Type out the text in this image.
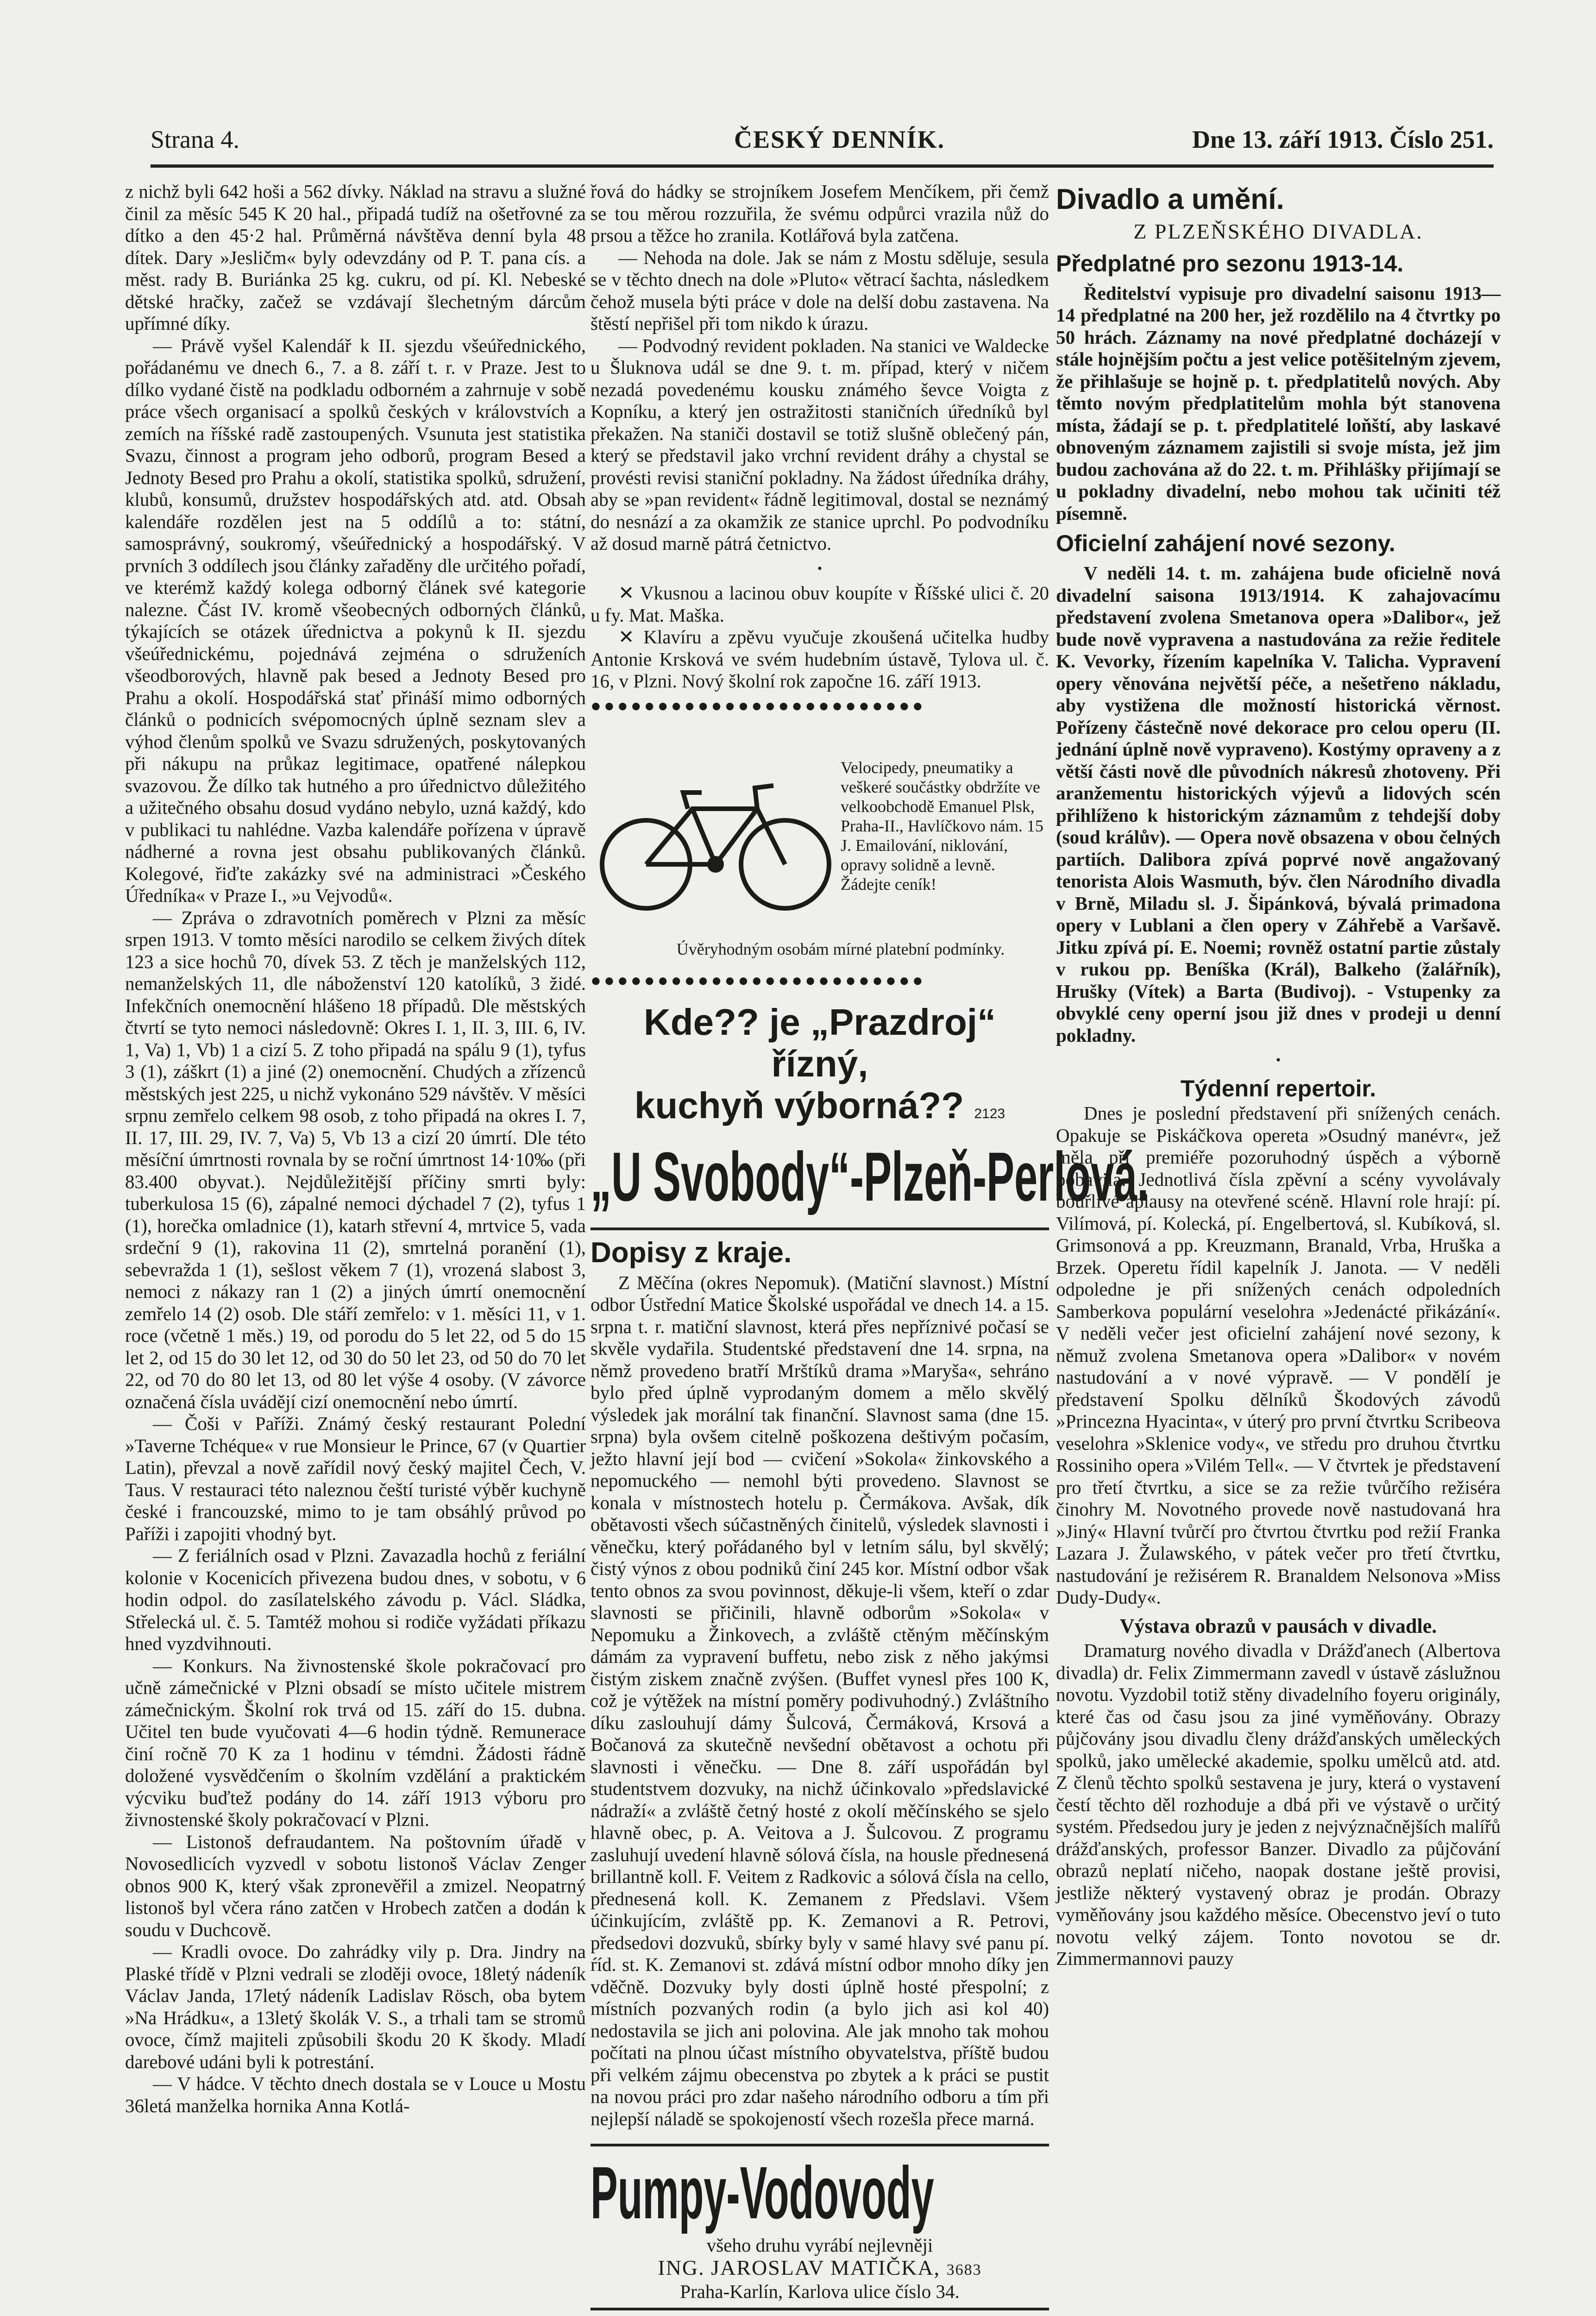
Strana 4.	ČESKÝ DENNÍK.	Dne 13. září 1913. Číslo 251.

z nichž byli 642 hoši a 562 dívky. Náklad na stravu a služné činil za měsíc 545 K 20 hal., připadá tudíž na ošetřovné za dítko a den 45·2 hal. Průměrná návštěva denní byla 48 dítek. Dary »Jesličm« byly odevzdány od P. T. pana cís. a měst. rady B. Buriánka 25 kg. cukru, od pí. Kl. Nebeské dětské hračky, začež se vzdávají šlechetným dárcům upřímné díky.

— Právě vyšel Kalendář k II. sjezdu všeúřednického, pořádanému ve dnech 6., 7. a 8. září t. r. v Praze. Jest to dílko vydané čistě na podkladu odborném a zahrnuje v sobě práce všech organisací a spolků českých v královstvích a zemích na říšské radě zastoupených. Vsunuta jest statistika Svazu, činnost a program jeho odborů, program Besed a Jednoty Besed pro Prahu a okolí, statistika spolků, sdružení, klubů, konsumů, družstev hospodářských atd. atd. Obsah kalendáře rozdělen jest na 5 oddílů a to: státní, samosprávný, soukromý, všeúřednický a hospodářský. V prvních 3 oddílech jsou články zařaděny dle určitého pořadí, ve kterémž každý kolega odborný článek své kategorie nalezne. Část IV. kromě všeobecných odborných článků, týkajících se otázek úřednictva a pokynů k II. sjezdu všeúřednickému, pojednává zejména o sdruženích všeodborových, hlavně pak besed a Jednoty Besed pro Prahu a okolí. Hospodářská stať přináší mimo odborných článků o podnicích svépomocných úplně seznam slev a výhod členům spolků ve Svazu sdružených, poskytovaných při nákupu na průkaz legitimace, opatřené nálepkou svazovou. Že dílko tak hutného a pro úřednictvo důležitého a užitečného obsahu dosud vydáno nebylo, uzná každý, kdo v publikaci tu nahlédne. Vazba kalendáře pořízena v úpravě nádherné a rovna jest obsahu publikovaných článků. Kolegové, řiďte zakázky své na administraci »Českého Úředníka« v Praze I., »u Vejvodů«.

— Zpráva o zdravotních poměrech v Plzni za měsíc srpen 1913. V tomto měsíci narodilo se celkem živých dítek 123 a sice hochů 70, dívek 53. Z těch je manželských 112, nemanželských 11, dle náboženství 120 katolíků, 3 židé. Infekčních onemocnění hlášeno 18 případů. Dle městských čtvrtí se tyto nemoci následovně: Okres I. 1, II. 3, III. 6, IV. 1, Va) 1, Vb) 1 a cizí 5. Z toho připadá na spálu 9 (1), tyfus 3 (1), záškrt (1) a jiné (2) onemocnění. Chudých a zřízenců městských jest 225, u nichž vykonáno 529 návštěv. V měsíci srpnu zemřelo celkem 98 osob, z toho připadá na okres I. 7, II. 17, III. 29, IV. 7, Va) 5, Vb 13 a cizí 20 úmrtí. Dle této měsíční úmrtnosti rovnala by se roční úmrtnost 14·10‰ (při 83.400 obyvat.). Nejdůležitější příčiny smrti byly: tuberkulosa 15 (6), zápalné nemoci dýchadel 7 (2), tyfus 1 (1), horečka omladnice (1), katarh střevní 4, mrtvice 5, vada srdeční 9 (1), rakovina 11 (2), smrtelná poranění (1), sebevražda 1 (1), sešlost věkem 7 (1), vrozená slabost 3, nemoci z nákazy ran 1 (2) a jiných úmrtí onemocnění zemřelo 14 (2) osob. Dle stáří zemřelo: v 1. měsíci 11, v 1. roce (včetně 1 měs.) 19, od porodu do 5 let 22, od 5 do 15 let 2, od 15 do 30 let 12, od 30 do 50 let 23, od 50 do 70 let 22, od 70 do 80 let 13, od 80 let výše 4 osoby. (V závorce označená čísla uvádějí cizí onemocnění nebo úmrtí.

— Čoši v Paříži. Známý český restaurant Polední »Taverne Tchéque« v rue Monsieur le Prince, 67 (v Quartier Latin), převzal a nově zařídil nový český majitel Čech, V. Taus. V restauraci této naleznou čeští turisté výběr kuchyně české i francouzské, mimo to je tam obsáhlý průvod po Paříži i zapojiti vhodný byt.

— Z feriálních osad v Plzni. Zavazadla hochů z feriální kolonie v Kocenicích přivezena budou dnes, v sobotu, v 6 hodin odpol. do zasílatelského závodu p. Václ. Sládka, Střelecká ul. č. 5. Tamtéž mohou si rodiče vyžádati příkazu hned vyzdvihnouti.

— Konkurs. Na živnostenské škole pokračovací pro učně zámečnické v Plzni obsadí se místo učitele mistrem zámečnickým. Školní rok trvá od 15. září do 15. dubna. Učitel ten bude vyučovati 4—6 hodin týdně. Remunerace činí ročně 70 K za 1 hodinu v témdni. Žádosti řádně doložené vysvědčením o školním vzdělání a praktickém výcviku buďtež podány do 14. září 1913 výboru pro živnostenské školy pokračovací v Plzni.

— Listonoš defraudantem. Na poštovním úřadě v Novosedlicích vyzvedl v sobotu listonoš Václav Zenger obnos 900 K, který však zpronevěřil a zmizel. Neopatrný listonoš byl včera ráno zatčen v Hrobech zatčen a dodán k soudu v Duchcově.

— Kradli ovoce. Do zahrádky vily p. Dra. Jindry na Plaské třídě v Plzni vedrali se zloději ovoce, 18letý nádeník Václav Janda, 17letý nádeník Ladislav Rösch, oba bytem »Na Hrádku«, a 13letý školák V. S., a trhali tam se stromů ovoce, čímž majiteli způsobili škodu 20 K škody. Mladí darebové udáni byli k potrestání.

— V hádce. V těchto dnech dostala se v Louce u Mostu 36letá manželka hornika Anna Kotlá-

řová do hádky se strojníkem Josefem Menčíkem, při čemž se tou měrou rozzuřila, že svému odpůrci vrazila nůž do prsou a těžce ho zranila. Kotlářová byla zatčena.

— Nehoda na dole. Jak se nám z Mostu sděluje, sesula se v těchto dnech na dole »Pluto« větrací šachta, následkem čehož musela býti práce v dole na delší dobu zastavena. Na štěstí nepřišel při tom nikdo k úrazu.

— Podvodný revident pokladen. Na stanici ve Waldecke u Šluknova udál se dne 9. t. m. případ, který v ničem nezadá povedenému kousku známého ševce Voigta z Kopníku, a který jen ostražitosti staničních úředníků byl překažen. Na staniči dostavil se totiž slušně oblečený pán, který se představil jako vrchní revident dráhy a chystal se provésti revisi staniční pokladny. Na žádost úředníka dráhy, aby se »pan revident« řádně legitimoval, dostal se neznámý do nesnází a za okamžik ze stanice uprchl. Po podvodníku až dosud marně pátrá četnictvo.

•

✕ Vkusnou a lacinou obuv koupíte v Říšské ulici č. 20 u fy. Mat. Maška.

✕ Klavíru a zpěvu vyučuje zkoušená učitelka hudby Antonie Krsková ve svém hudebním ústavě, Tylova ul. č. 16, v Plzni. Nový školní rok započne 16. září 1913.

●●●●●●●●●●●●●●●●●●●●●●●●●
Velocipedy, pneumatiky a veškeré součástky obdržíte ve velkoobchodě Emanuel Plsk, Praha-II., Havlíčkovo nám. 15 J. Emailování, niklování, opravy solidně a levně. Žádejte ceník!
Úvěryhodným osobám mírné platební podmínky.
●●●●●●●●●●●●●●●●●●●●●●●●●
Kde?? je „Prazdroj“ řízný,
kuchyň výborná?? 2123
„U Svobody“-Plzeň-Perlová.
Dopisy z kraje.

Z Měčína (okres Nepomuk). (Matiční slavnost.) Místní odbor Ústřední Matice Školské uspořádal ve dnech 14. a 15. srpna t. r. matiční slavnost, která přes nepříznivé počasí se skvěle vydařila. Studentské představení dne 14. srpna, na němž provedeno bratří Mrštíků drama »Maryša«, sehráno bylo před úplně vyprodaným domem a mělo skvělý výsledek jak morální tak finanční. Slavnost sama (dne 15. srpna) byla ovšem citelně poškozena deštivým počasím, ježto hlavní její bod — cvičení »Sokola« žinkovského a nepomuckého — nemohl býti provedeno. Slavnost se konala v místnostech hotelu p. Čermákova. Avšak, dík obětavosti všech súčastněných činitelů, výsledek slavnosti i věnečku, který pořádaného byl v letním sálu, byl skvělý; čistý výnos z obou podniků činí 245 kor. Místní odbor však tento obnos za svou povinnost, děkuje-li všem, kteří o zdar slavnosti se přičinili, hlavně odborům »Sokola« v Nepomuku a Žinkovech, a zvláště ctěným měčínským dámám za vypravení buffetu, nebo zisk z něho jakýmsi čistým ziskem značně zvýšen. (Buffet vynesl přes 100 K, což je výtěžek na místní poměry podivuhodný.) Zvláštního díku zaslouhují dámy Šulcová, Čermáková, Krsová a Bočanová za skutečně nevšední obětavost a ochotu při slavnosti i věnečku. — Dne 8. září uspořádán byl studentstvem dozvuky, na nichž účinkovalo »předslavické nádraží« a zvláště četný hosté z okolí měčínského se sjelo hlavně obec, p. A. Veitova a J. Šulcovou. Z programu zasluhují uvedení hlavně sólová čísla, na housle přednesená brillantně koll. F. Veitem z Radkovic a sólová čísla na cello, přednesená koll. K. Zemanem z Předslavi. Všem účinkujícím, zvláště pp. K. Zemanovi a R. Petrovi, předsedovi dozvuků, sbírky byly v samé hlavy své panu pí. ŕíd. st. K. Zemanovi st. zdává místní odbor mnoho díky jen vděčně. Dozvuky byly dosti úplně hosté přespolní; z místních pozvaných rodin (a bylo jich asi kol 40) nedostavila se jich ani polovina. Ale jak mnoho tak mohou počítati na plnou účast místního obyvatelstva, příště budou při velkém zájmu obecenstva po zbytek a k práci se pustit na novou práci pro zdar našeho národního odboru a tím při nejlepší náladě se spokojeností všech rozešla přece marná.

Pumpy-Vodovody
všeho druhu vyrábí nejlevněji
ING. JAROSLAV MATIČKA, 3683
Praha-Karlín, Karlova ulice číslo 34.
Divadlo a umění.
Z PLZEŇSKÉHO DIVADLA.
Předplatné pro sezonu 1913-14.

Ředitelství vypisuje pro divadelní saisonu 1913—14 předplatné na 200 her, jež rozdělilo na 4 čtvrtky po 50 hrách. Záznamy na nové předplatné docházejí v stále hojnějším počtu a jest velice potěšitelným zjevem, že přihlašuje se hojně p. t. předplatitelů nových. Aby těmto novým předplatitelům mohla být stanovena místa, žádají se p. t. předplatitelé loňští, aby laskavé obnoveným záznamem zajistili si svoje místa, jež jim budou zachována až do 22. t. m. Přihlášky přijímají se u pokladny divadelní, nebo mohou tak učiniti též písemně.

Oficielní zahájení nové sezony.

V neděli 14. t. m. zahájena bude oficielně nová divadelní saisona 1913/1914. K zahajovacímu představení zvolena Smetanova opera »Dalibor«, jež bude nově vypravena a nastudována za režie ředitele K. Vevorky, řízením kapelníka V. Talicha. Vypravení opery věnována největší péče, a nešetřeno nákladu, aby vystižena dle možností historická věrnost. Pořízeny částečně nové dekorace pro celou operu (II. jednání úplně nově vypraveno). Kostýmy opraveny a z větší části nově dle původních nákresů zhotoveny. Při aranžementu historických výjevů a lidových scén přihlíženo k historickým záznamům z tehdejší doby (soud králův). — Opera nově obsazena v obou čelných partiích. Dalibora zpívá poprvé nově angažovaný tenorista Alois Wasmuth, býv. člen Národního divadla v Brně, Miladu sl. J. Šipánková, bývalá primadona opery v Lublani a člen opery v Záhřebě a Varšavě. Jitku zpívá pí. E. Noemi; rovněž ostatní partie zůstaly v rukou pp. Beníška (Král), Balkeho (žalářník), Hrušky (Vítek) a Barta (Budivoj). - Vstupenky za obvyklé ceny operní jsou již dnes v prodeji u denní pokladny.

•
Týdenní repertoir.

Dnes je poslední představení při snížených cenách. Opakuje se Piskáčkova opereta »Osudný manévr«, jež měla při premiéře pozoruhodný úspěch a výborně pobavila. Jednotlivá čísla zpěvní a scény vyvolávaly bouřlivé aplausy na otevřené scéně. Hlavní role hrají: pí. Vilímová, pí. Kolecká, pí. Engelbertová, sl. Kubíková, sl. Grimsonová a pp. Kreuzmann, Branald, Vrba, Hruška a Brzek. Operetu řídil kapelník J. Janota. — V neděli odpoledne je při snížených cenách odpoledních Samberkova populární veselohra »Jedenácté přikázání«. V neděli večer jest oficielní zahájení nové sezony, k němuž zvolena Smetanova opera »Dalibor« v novém nastudování a v nové výpravě. — V pondělí je představení Spolku dělníků Škodových závodů »Princezna Hyacinta«, v úterý pro první čtvrtku Scribeova veselohra »Sklenice vody«, ve středu pro druhou čtvrtku Rossiniho opera »Vilém Tell«. — V čtvrtek je představení pro třetí čtvrtku, a sice se za režie tvůrčího režiséra činohry M. Novotného provede nově nastudovaná hra »Jiný« Hlavní tvůrčí pro čtvrtou čtvrtku pod režií Franka Lazara J. Žulawského, v pátek večer pro třetí čtvrtku, nastudování je režisérem R. Branaldem Nelsonova »Miss Dudy-Dudy«.

Výstava obrazů v pausách v divadle.

Dramaturg nového divadla v Drážďanech (Albertova divadla) dr. Felix Zimmermann zavedl v ústavě záslužnou novotu. Vyzdobil totiž stěny divadelního foyeru originály, které čas od času jsou za jiné vyměňovány. Obrazy půjčovány jsou divadlu členy drážďanských uměleckých spolků, jako umělecké akademie, spolku umělců atd. atd. Z členů těchto spolků sestavena je jury, která o vystavení čestí těchto děl rozhoduje a dbá při ve výstavě o určitý systém. Předsedou jury je jeden z nejvýznačnějších malířů drážďanských, professor Banzer. Divadlo za půjčování obrazů neplatí ničeho, naopak dostane ještě provisi, jestliže některý vystavený obraz je prodán. Obrazy vyměňovány jsou každého měsíce. Obecenstvo jeví o tuto novotu velký zájem. Tonto novotou se dr. Zimmermannovi pauzy
